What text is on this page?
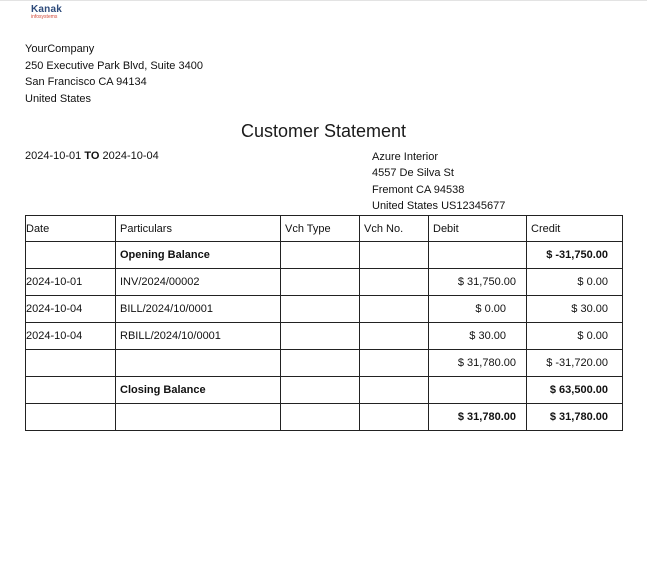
Kanak
infosystems
YourCompany
250 Executive Park Blvd, Suite 3400
San Francisco CA 94134
United States
Customer Statement
2024-10-01 TO 2024-10-04	Azure Interior
4557 De Silva St
Fremont CA 94538
United States US12345677
Date	Particulars	Vch Type	Vch No.	Debit	Credit
	Opening Balance				$ -31,750.00
2024-10-01	INV/2024/00002			$ 31,750.00	$ 0.00
2024-10-04	BILL/2024/10/0001			$ 0.00	$ 30.00
2024-10-04	RBILL/2024/10/0001			$ 30.00	$ 0.00
				$ 31,780.00	$ -31,720.00
	Closing Balance				$ 63,500.00
				$ 31,780.00	$ 31,780.00
